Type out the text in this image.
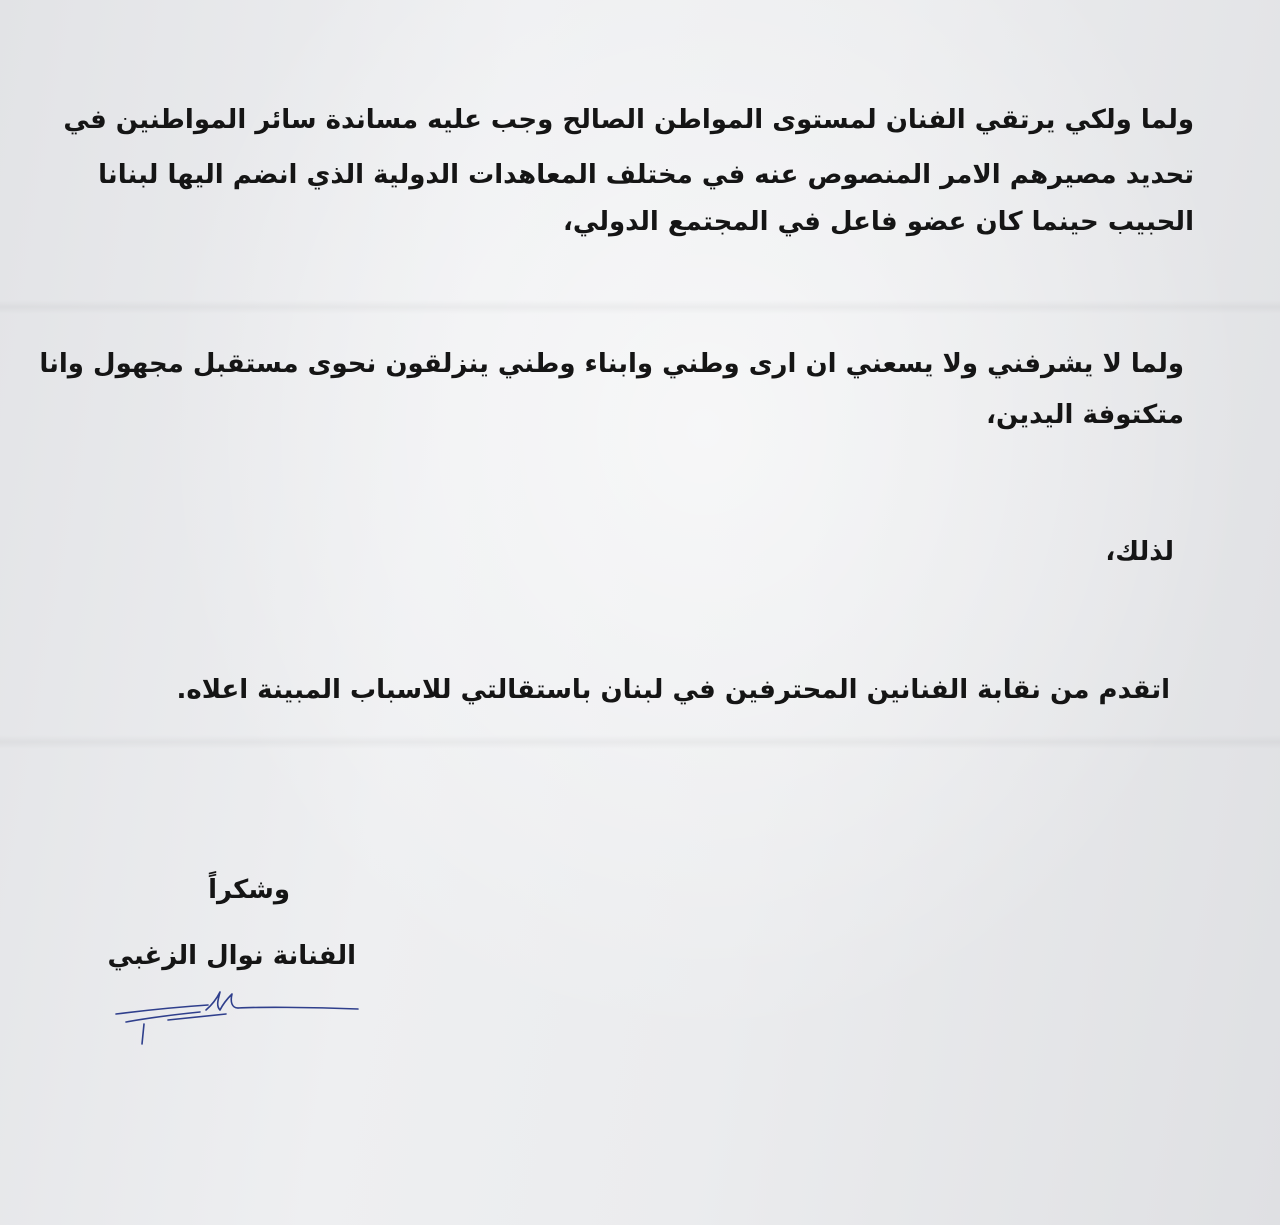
ولما ولكي يرتقي الفنان لمستوى المواطن الصالح وجب عليه مساندة سائر المواطنين في
تحديد مصيرهم الامر المنصوص عنه في مختلف المعاهدات الدولية الذي انضم اليها لبنانا
الحبيب حينما كان عضو فاعل في المجتمع الدولي،
ولما لا يشرفني ولا يسعني ان ارى وطني وابناء وطني ينزلقون نحوى مستقبل مجهول وانا
متكتوفة اليدين،
لذلك،
اتقدم من نقابة الفنانين المحترفين في لبنان باستقالتي للاسباب المبينة اعلاه.
وشكراً
الفنانة نوال الزغبي
